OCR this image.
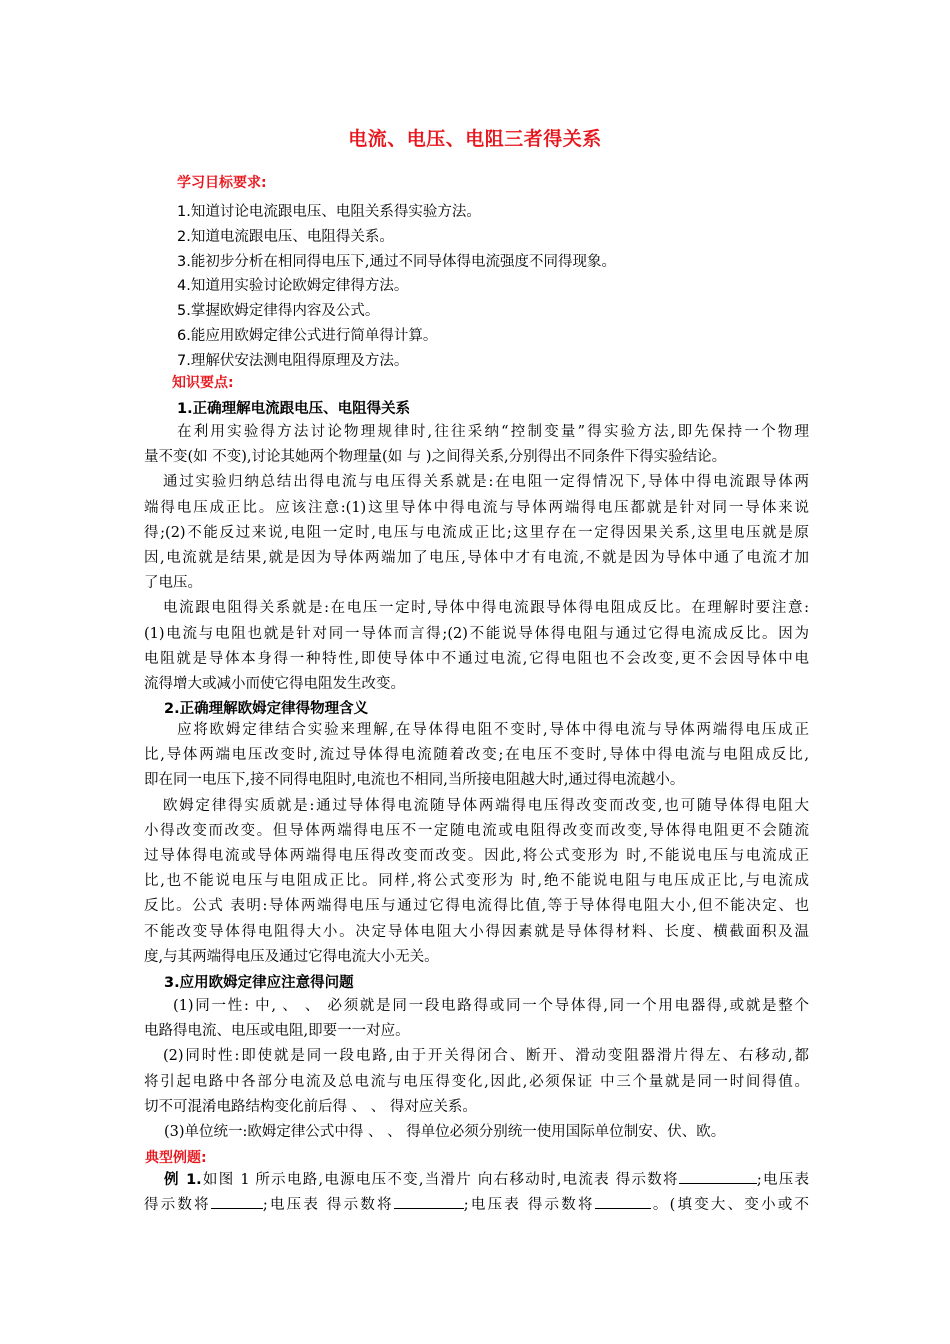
电流、电压、电阻三者得关系
学习目标要求:
1.知道讨论电流跟电压、电阻关系得实验方法。
2.知道电流跟电压、电阻得关系。
3.能初步分析在相同得电压下,通过不同导体得电流强度不同得现象。
4.知道用实验讨论欧姆定律得方法。
5.掌握欧姆定律得内容及公式。
6.能应用欧姆定律公式进行简单得计算。
7.理解伏安法测电阻得原理及方法。
知识要点:
1.正确理解电流跟电压、电阻得关系
在利用实验得方法讨论物理规律时,往往采纳“控制变量”得实验方法,即先保持一个物理
量不变(如 不变),讨论其她两个物理量(如 与 )之间得关系,分别得出不同条件下得实验结论。
通过实验归纳总结出得电流与电压得关系就是:在电阻一定得情况下,导体中得电流跟导体两
端得电压成正比。应该注意:(1)这里导体中得电流与导体两端得电压都就是针对同一导体来说
得;(2)不能反过来说,电阻一定时,电压与电流成正比;这里存在一定得因果关系,这里电压就是原
因,电流就是结果,就是因为导体两端加了电压,导体中才有电流,不就是因为导体中通了电流才加
了电压。
电流跟电阻得关系就是:在电压一定时,导体中得电流跟导体得电阻成反比。在理解时要注意:
(1)电流与电阻也就是针对同一导体而言得;(2)不能说导体得电阻与通过它得电流成反比。因为
电阻就是导体本身得一种特性,即使导体中不通过电流,它得电阻也不会改变,更不会因导体中电
流得增大或减小而使它得电阻发生改变。
2.正确理解欧姆定律得物理含义
应将欧姆定律结合实验来理解,在导体得电阻不变时,导体中得电流与导体两端得电压成正
比,导体两端电压改变时,流过导体得电流随着改变;在电压不变时,导体中得电流与电阻成反比,
即在同一电压下,接不同得电阻时,电流也不相同,当所接电阻越大时,通过得电流越小。
欧姆定律得实质就是:通过导体得电流随导体两端得电压得改变而改变,也可随导体得电阻大
小得改变而改变。但导体两端得电压不一定随电流或电阻得改变而改变,导体得电阻更不会随流
过导体得电流或导体两端得电压得改变而改变。因此,将公式变形为 时,不能说电压与电流成正
比,也不能说电压与电阻成正比。同样,将公式变形为 时,绝不能说电阻与电压成正比,与电流成
反比。公式 表明:导体两端得电压与通过它得电流得比值,等于导体得电阻大小,但不能决定、也
不能改变导体得电阻得大小。决定导体电阻大小得因素就是导体得材料、长度、横截面积及温
度,与其两端得电压及通过它得电流大小无关。
3.应用欧姆定律应注意得问题
(1)同一性: 中, 、 、 必须就是同一段电路得或同一个导体得,同一个用电器得,或就是整个
电路得电流、电压或电阻,即要一一对应。
(2)同时性:即使就是同一段电路,由于开关得闭合、断开、滑动变阻器滑片得左、右移动,都
将引起电路中各部分电流及总电流与电压得变化,因此,必须保证 中三个量就是同一时间得值。
切不可混淆电路结构变化前后得 、 、 得对应关系。
(3)单位统一:欧姆定律公式中得 、 、 得单位必须分别统一使用国际单位制安、伏、欧。
典型例题:
例 1.如图 1 所示电路,电源电压不变,当滑片 向右移动时,电流表 得示数将	;电压表
得示数将	;电压表 得示数将	;电压表 得示数将	。(填变大、变小或不
